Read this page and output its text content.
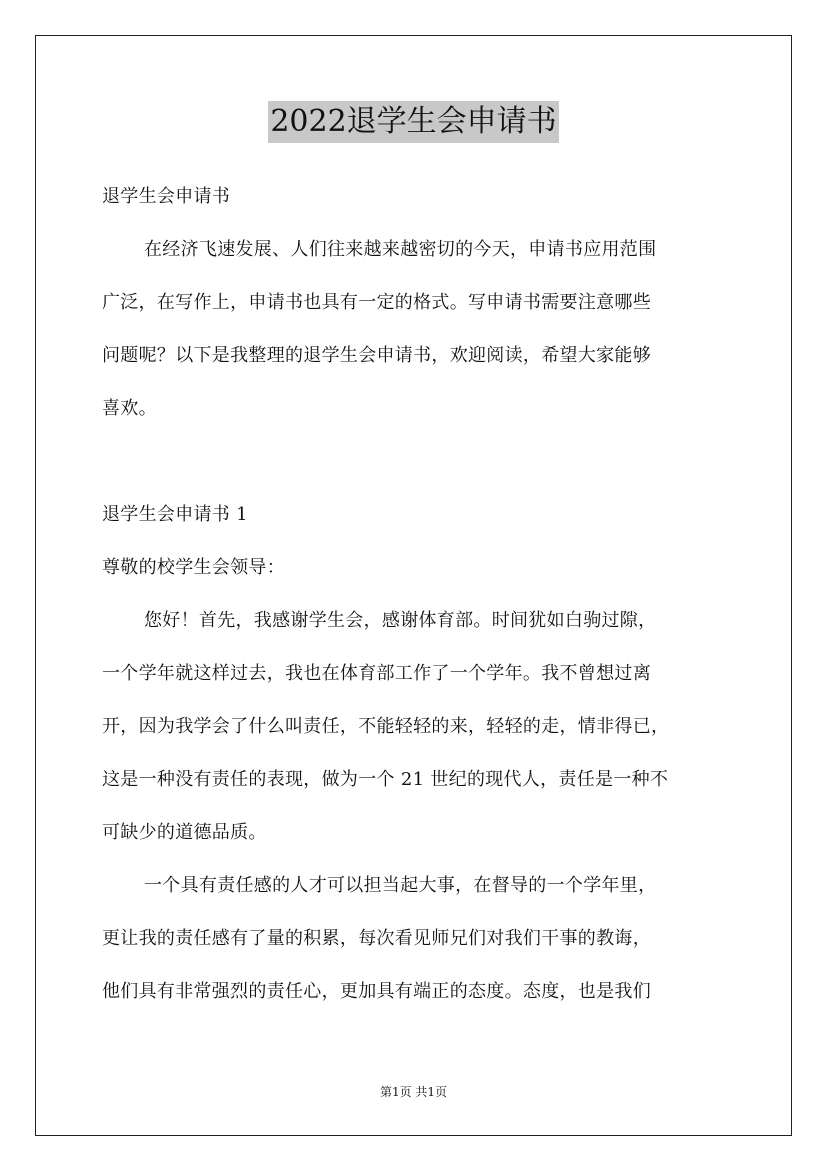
2022退学生会申请书
退学生会申请书
在经济飞速发展、人们往来越来越密切的今天，申请书应用范围
广泛，在写作上，申请书也具有一定的格式。写申请书需要注意哪些
问题呢？以下是我整理的退学生会申请书，欢迎阅读，希望大家能够
喜欢。
退学生会申请书 1
尊敬的校学生会领导：
您好！首先，我感谢学生会，感谢体育部。时间犹如白驹过隙，
一个学年就这样过去，我也在体育部工作了一个学年。我不曾想过离
开，因为我学会了什么叫责任，不能轻轻的来，轻轻的走，情非得已，
这是一种没有责任的表现，做为一个 21 世纪的现代人，责任是一种不
可缺少的道德品质。
一个具有责任感的人才可以担当起大事，在督导的一个学年里，
更让我的责任感有了量的积累，每次看见师兄们对我们干事的教诲，
他们具有非常强烈的责任心，更加具有端正的态度。态度，也是我们
第1页 共1页
